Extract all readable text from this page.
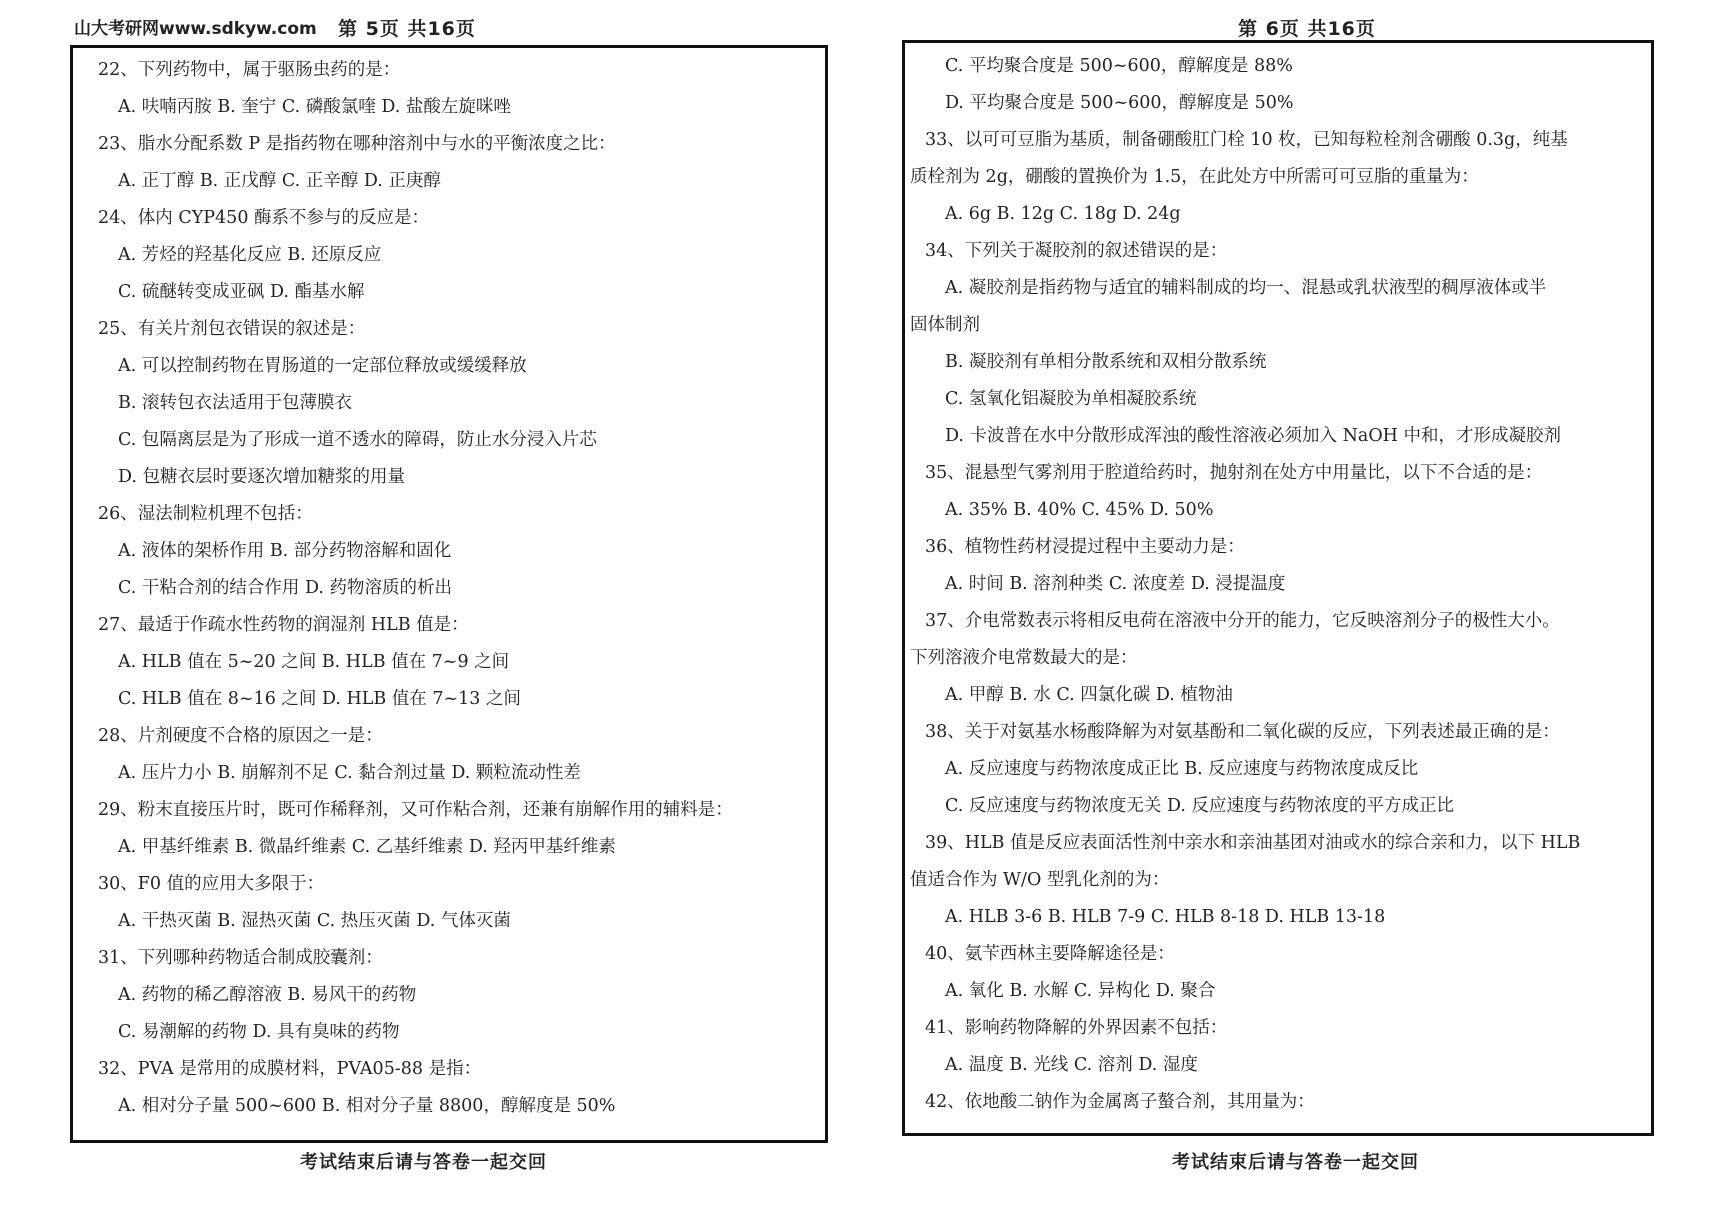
山大考研网www.sdkyw.com 第 5页 共16页	第 6页 共16页
22、下列药物中，属于驱肠虫药的是：
A. 呋喃丙胺 B. 奎宁 C. 磷酸氯喹 D. 盐酸左旋咪唑
23、脂水分配系数 P 是指药物在哪种溶剂中与水的平衡浓度之比：
A. 正丁醇 B. 正戊醇 C. 正辛醇 D. 正庚醇
24、体内 CYP450 酶系不参与的反应是：
A. 芳烃的羟基化反应 B. 还原反应
C. 硫醚转变成亚砜 D. 酯基水解
25、有关片剂包衣错误的叙述是：
A. 可以控制药物在胃肠道的一定部位释放或缓缓释放
B. 滚转包衣法适用于包薄膜衣
C. 包隔离层是为了形成一道不透水的障碍，防止水分浸入片芯
D. 包糖衣层时要逐次增加糖浆的用量
26、湿法制粒机理不包括：
A. 液体的架桥作用 B. 部分药物溶解和固化
C. 干粘合剂的结合作用 D. 药物溶质的析出
27、最适于作疏水性药物的润湿剂 HLB 值是：
A. HLB 值在 5~20 之间 B. HLB 值在 7~9 之间
C. HLB 值在 8~16 之间 D. HLB 值在 7~13 之间
28、片剂硬度不合格的原因之一是：
A. 压片力小 B. 崩解剂不足 C. 黏合剂过量 D. 颗粒流动性差
29、粉末直接压片时，既可作稀释剂，又可作粘合剂，还兼有崩解作用的辅料是：
A. 甲基纤维素 B. 微晶纤维素 C. 乙基纤维素 D. 羟丙甲基纤维素
30、F0 值的应用大多限于：
A. 干热灭菌 B. 湿热灭菌 C. 热压灭菌 D. 气体灭菌
31、下列哪种药物适合制成胶囊剂：
A. 药物的稀乙醇溶液 B. 易风干的药物
C. 易潮解的药物 D. 具有臭味的药物
32、PVA 是常用的成膜材料，PVA05-88 是指：
A. 相对分子量 500~600 B. 相对分子量 8800，醇解度是 50%
C. 平均聚合度是 500~600，醇解度是 88%
D. 平均聚合度是 500~600，醇解度是 50%
33、以可可豆脂为基质，制备硼酸肛门栓 10 枚，已知每粒栓剂含硼酸 0.3g，纯基
质栓剂为 2g，硼酸的置换价为 1.5，在此处方中所需可可豆脂的重量为：
A. 6g B. 12g C. 18g D. 24g
34、下列关于凝胶剂的叙述错误的是：
A. 凝胶剂是指药物与适宜的辅料制成的均一、混悬或乳状液型的稠厚液体或半
固体制剂
B. 凝胶剂有单相分散系统和双相分散系统
C. 氢氧化铝凝胶为单相凝胶系统
D. 卡波普在水中分散形成浑浊的酸性溶液必须加入 NaOH 中和，才形成凝胶剂
35、混悬型气雾剂用于腔道给药时，抛射剂在处方中用量比，以下不合适的是：
A. 35% B. 40% C. 45% D. 50%
36、植物性药材浸提过程中主要动力是：
A. 时间 B. 溶剂种类 C. 浓度差 D. 浸提温度
37、介电常数表示将相反电荷在溶液中分开的能力，它反映溶剂分子的极性大小。
下列溶液介电常数最大的是：
A. 甲醇 B. 水 C. 四氯化碳 D. 植物油
38、关于对氨基水杨酸降解为对氨基酚和二氧化碳的反应，下列表述最正确的是：
A. 反应速度与药物浓度成正比 B. 反应速度与药物浓度成反比
C. 反应速度与药物浓度无关 D. 反应速度与药物浓度的平方成正比
39、HLB 值是反应表面活性剂中亲水和亲油基团对油或水的综合亲和力，以下 HLB
值适合作为 W/O 型乳化剂的为：
A. HLB 3-6 B. HLB 7-9 C. HLB 8-18 D. HLB 13-18
40、氨苄西林主要降解途径是：
A. 氧化 B. 水解 C. 异构化 D. 聚合
41、影响药物降解的外界因素不包括：
A. 温度 B. 光线 C. 溶剂 D. 湿度
42、依地酸二钠作为金属离子螯合剂，其用量为：
考试结束后请与答卷一起交回	考试结束后请与答卷一起交回
